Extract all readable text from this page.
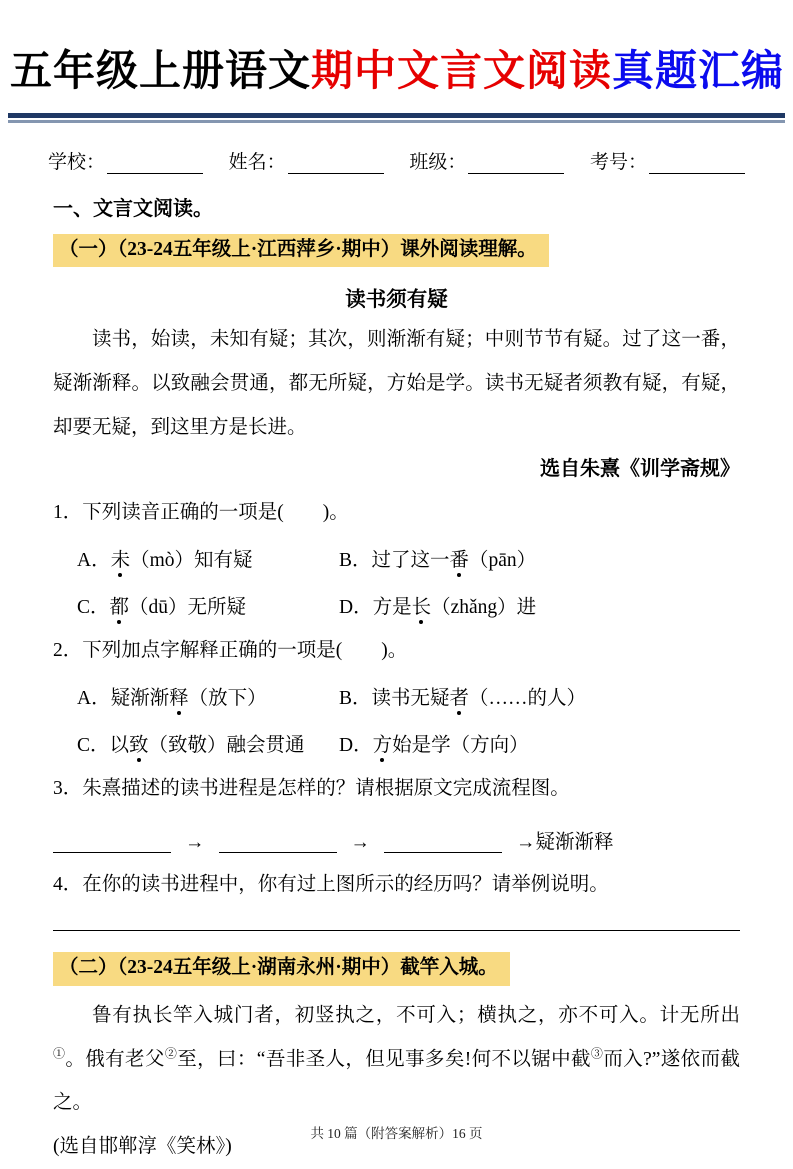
五年级上册语文期中文言文阅读真题汇编
学校：	姓名：	班级：	考号：
一、文言文阅读。
（一）（23-24五年级上·江西萍乡·期中）课外阅读理解。
读书须有疑

读书，始读，未知有疑；其次，则渐渐有疑；中则节节有疑。过了这一番，疑渐渐释。以致融会贯通，都无所疑，方始是学。读书无疑者须教有疑，有疑，却要无疑，到这里方是长进。

选自朱熹《训学斋规》
1．下列读音正确的一项是(　　)。
A．未（mò）知有疑	B．过了这一番（pān）
C．都（dū）无所疑	D．方是长（zhǎng）进
2．下列加点字解释正确的一项是(　　)。
A．疑渐渐释（放下）	B．读书无疑者（……的人）
C．以致（致敬）融会贯通	D．方始是学（方向）
3．朱熹描述的读书进程是怎样的？请根据原文完成流程图。
→	→	→ 疑渐渐释
4．在你的读书进程中，你有过上图所示的经历吗？请举例说明。
（二）（23-24五年级上·湖南永州·期中）截竿入城。

鲁有执长竿入城门者，初竖执之，不可入；横执之，亦不可入。计无所出①。俄有老父②至，曰：“吾非圣人，但见事多矣!何不以锯中截③而入?”遂依而截之。

(选自邯郸淳《笑林》)
共 10 篇（附答案解析）16 页
